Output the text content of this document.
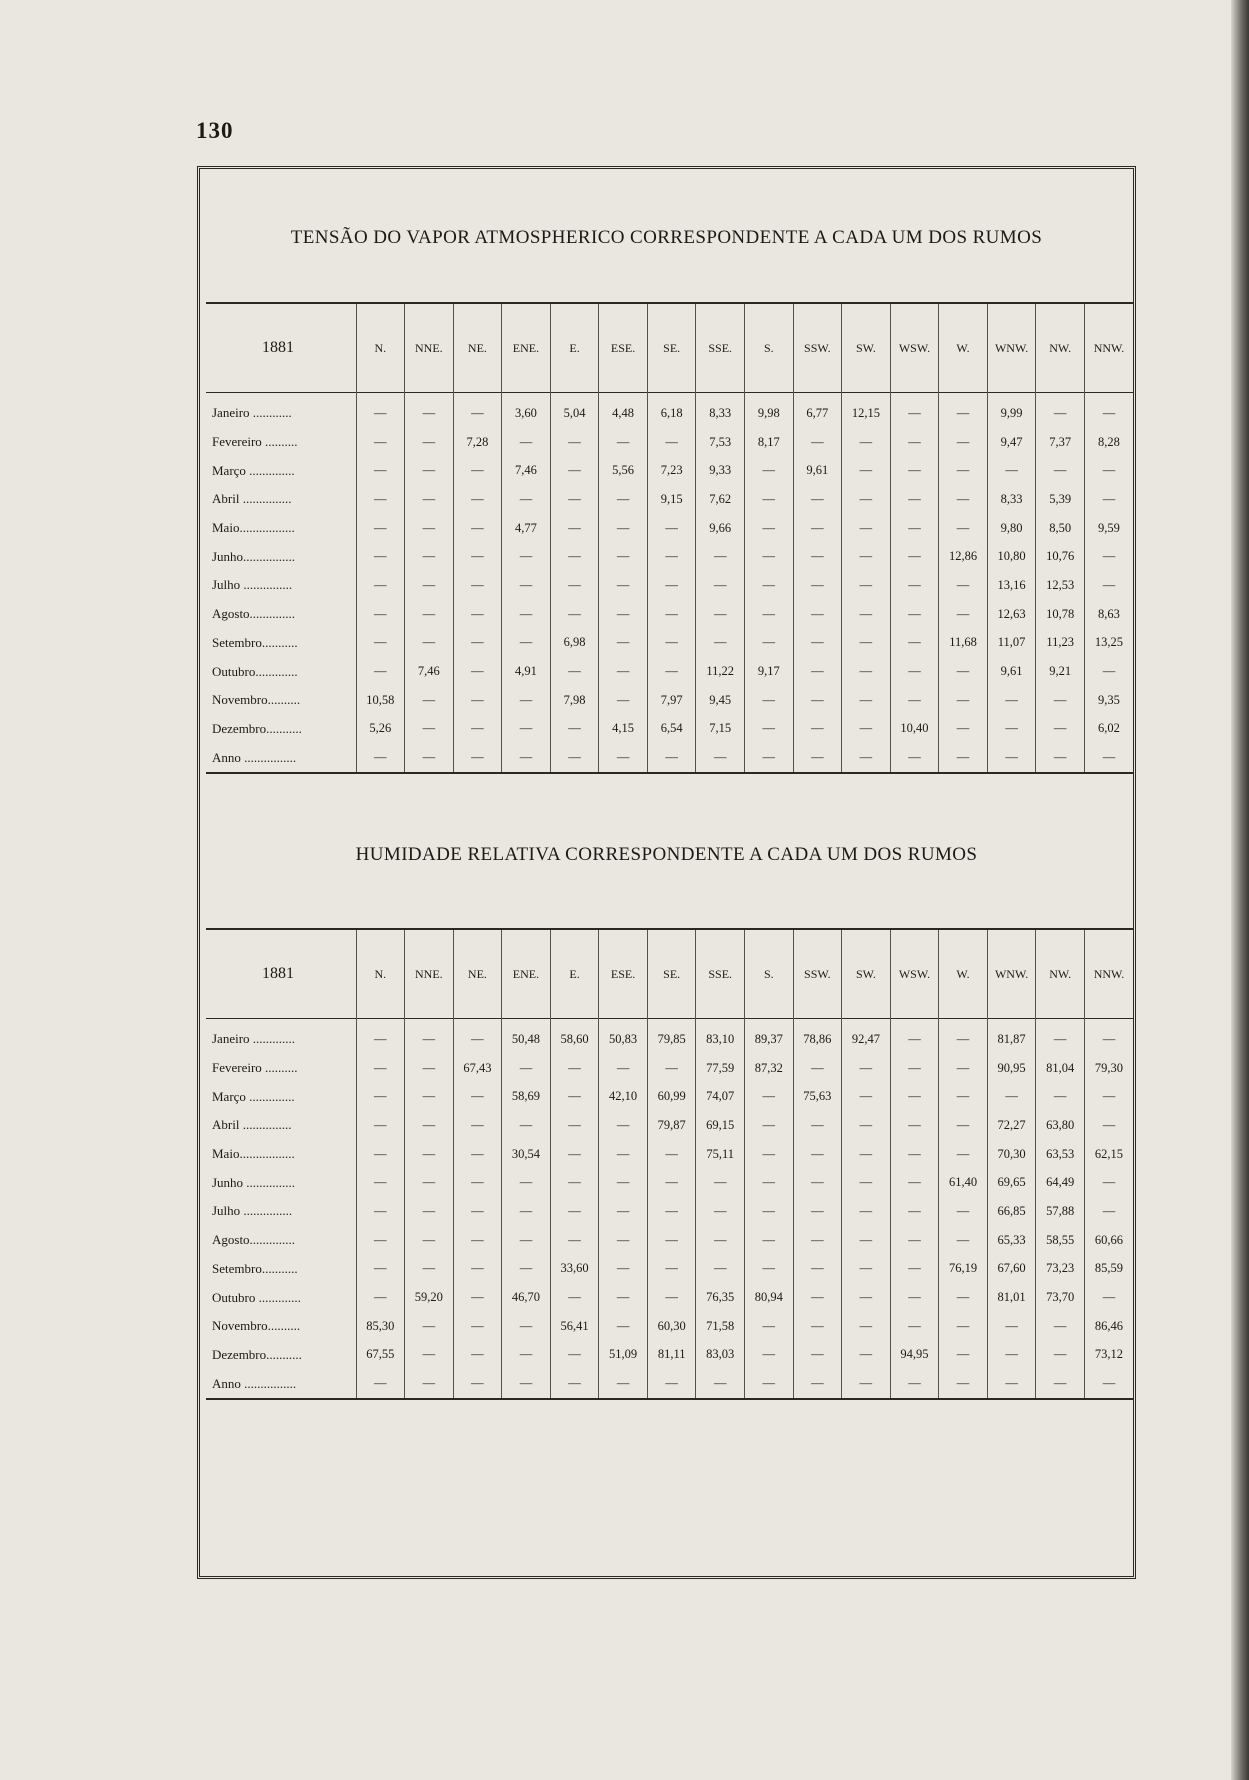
130
TENSÃO DO VAPOR ATMOSPHERICO CORRESPONDENTE A CADA UM DOS RUMOS
1881	N.	NNE.	NE.	ENE.	E.	ESE.	SE.	SSE.	S.	SSW.	SW.	WSW.	W.	WNW.	NW.	NNW.

Janeiro ............	—	—	—	3,60	5,04	4,48	6,18	8,33	9,98	6,77	12,15	—	—	9,99	—	—
Fevereiro ..........	—	—	7,28	—	—	—	—	7,53	8,17	—	—	—	—	9,47	7,37	8,28
Março ..............	—	—	—	7,46	—	5,56	7,23	9,33	—	9,61	—	—	—	—	—	—
Abril ...............	—	—	—	—	—	—	9,15	7,62	—	—	—	—	—	8,33	5,39	—
Maio.................	—	—	—	4,77	—	—	—	9,66	—	—	—	—	—	9,80	8,50	9,59
Junho................	—	—	—	—	—	—	—	—	—	—	—	—	12,86	10,80	10,76	—
Julho ...............	—	—	—	—	—	—	—	—	—	—	—	—	—	13,16	12,53	—
Agosto..............	—	—	—	—	—	—	—	—	—	—	—	—	—	12,63	10,78	8,63
Setembro...........	—	—	—	—	6,98	—	—	—	—	—	—	—	11,68	11,07	11,23	13,25
Outubro.............	—	7,46	—	4,91	—	—	—	11,22	9,17	—	—	—	—	9,61	9,21	—
Novembro..........	10,58	—	—	—	7,98	—	7,97	9,45	—	—	—	—	—	—	—	9,35
Dezembro...........	5,26	—	—	—	—	4,15	6,54	7,15	—	—	—	10,40	—	—	—	6,02
Anno ................	—	—	—	—	—	—	—	—	—	—	—	—	—	—	—	—
HUMIDADE RELATIVA CORRESPONDENTE A CADA UM DOS RUMOS
1881	N.	NNE.	NE.	ENE.	E.	ESE.	SE.	SSE.	S.	SSW.	SW.	WSW.	W.	WNW.	NW.	NNW.

Janeiro .............	—	—	—	50,48	58,60	50,83	79,85	83,10	89,37	78,86	92,47	—	—	81,87	—	—
Fevereiro ..........	—	—	67,43	—	—	—	—	77,59	87,32	—	—	—	—	90,95	81,04	79,30
Março ..............	—	—	—	58,69	—	42,10	60,99	74,07	—	75,63	—	—	—	—	—	—
Abril ...............	—	—	—	—	—	—	79,87	69,15	—	—	—	—	—	72,27	63,80	—
Maio.................	—	—	—	30,54	—	—	—	75,11	—	—	—	—	—	70,30	63,53	62,15
Junho ...............	—	—	—	—	—	—	—	—	—	—	—	—	61,40	69,65	64,49	—
Julho ...............	—	—	—	—	—	—	—	—	—	—	—	—	—	66,85	57,88	—
Agosto..............	—	—	—	—	—	—	—	—	—	—	—	—	—	65,33	58,55	60,66
Setembro...........	—	—	—	—	33,60	—	—	—	—	—	—	—	76,19	67,60	73,23	85,59
Outubro .............	—	59,20	—	46,70	—	—	—	76,35	80,94	—	—	—	—	81,01	73,70	—
Novembro..........	85,30	—	—	—	56,41	—	60,30	71,58	—	—	—	—	—	—	—	86,46
Dezembro...........	67,55	—	—	—	—	51,09	81,11	83,03	—	—	—	94,95	—	—	—	73,12
Anno ................	—	—	—	—	—	—	—	—	—	—	—	—	—	—	—	—
